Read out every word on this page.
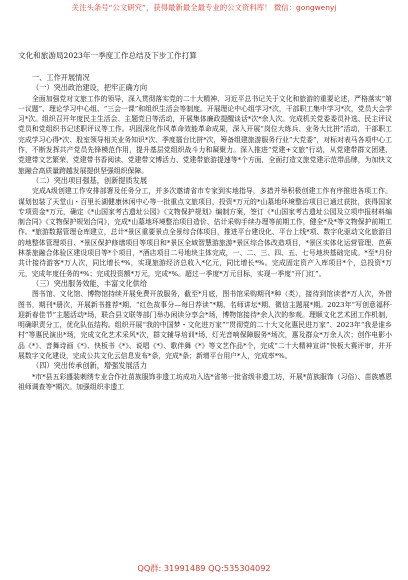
关注头条号“公文研究”，获得最新最全最专业的公文资料库！ 微信：gongwenyj

文化和旅游局2023年一季度工作总结及下步工作打算

一、工作开展情况

（一）突出政治建设，把牢正确方向

全面加强党对文旅工作的领导，深入贯彻落实党的二十大精神、习近平总书记关于文化和旅游的重要论述，严格落实“第一议题”、理论学习中心组、“三会一课”和组织生活会等制度。开展理论中心组学习*次，干部职工集中学习*次，党员大会学习*次。组织召开年度民主生活会、主题党日等活动，开展集体廉政提醒谈话*次*余人次。完成机关党委委员补选、民主评议党员和党组织书记述职评议等工作。巩固深化作风革命效能革命成果，深入开展“岗位大练兵、业务大比拼”活动，干部职工完成学习心得*次、股室领导相关业务知识*次、季度擂台比拼*次，筹备组建旅游服务行业“大党委”，对标对表马各项中心工作，不断发挥共产党员先锋模范作用，提升基层党组织战斗力和凝聚力。深入推进“党建+文旅”行动，从党建带群文团建、党建带文艺繁荣、党建带书香阅读、党建带文博活力、党建带旅游提速等*个方面，全面打造文旅党建示范带品牌，为加快文旅融合高质量跨越发展提供坚强组织保障。

（二）突出项目强基，创新提质发展

完成A级创建工作安排部署及任务分工，并多次邀请省市专家到实地指导，多措并举积极创建工作有序推进各项工作。谋划包装了天堂山・百里长湖健康休闲中心等一批重点文旅项目，投资*万元的*山墓地环境整治项目已通过获批，获得国家专项资金*万元，确定《*山国家考古遗址公园》《文物保护规划》编制方案，签订《*山国家考古遗址公园及立项申报材料编制合同》《文物保护规划合同》，完成*山墓地环境整治项目造价、估计采购手续办理等前期工作，健全*及*等文物保护前期工作。*旅游数据管理仓库建立，总计*景区重要景点全景综合体项目，推进平台建设化、平台上线*项、数字化驱动文化旅游目的地整体管理项目、*景区保护修缮项目等项目和*景区全域智慧游旅游*景区综合体改造项目，*景区实体化运营管理、芭蕉林茶旅融合体验区建设项目等*个项目，*酒店项目二号地块主体完成，一、二、三、四、五、七号地块基础完成。*至*月份共计接待游客*万人次，同比增长*%，实现旅游经济总收入*亿元，同比增长*%。完成固定资产入库项目*个，总投资*万元，完成年度任务的*%；完成投资额*万元，完成*%。超过一季度*万元目标，实现一季度“开门红”。

（三）突出服务效能，丰富文化供给

图书馆、文化馆、博物馆持续开展免费开放服务，截至*月底，图书馆采购期刊*种（类），接待到馆读者*万人次，外借图书，期刊*册次，开展新书推荐*期、“红色故事分—每日荐读”*期、名师讲坛*期、微信主题展*期。2023年“写创意福杯·迎新春佳节”主题活动*场，联合县文联等部门举办闲读分享会*场，博物馆接待*余人次的参观。理顺文化艺术团工作机制，明确职责分工，优化队伍结构。组织开展“我的中国梦・文化进万家”“贯彻党的二十大文化惠民进万家”、2023年“我是谁乡村”等惠民演出*场，完成文化艺术采风*次，群文辅导培训*场，灯光音响保障服务*场次，惠及群众*万余人次；创作电影小品《*》、音舞诗画《*》、快板书《*》、说唱《*》、歌伴舞《*》等文艺作品*个，完成“二十大精神宣讲”快板大赛评审，并开展数字文化建设，完成公共文化云信息发布*条，完成*条；新增平台用户*人，完成率*%。

（四）突出传承创新，增强发展活力

*市*县五彩盛装刺绣专业合作社苗族服饰非遗工坊成功入选*省第一批省级非遗工坊，开展*苗族服饰（习俗）、苗族感恩祖师调查等*期次。加强组织非遗工

QQ群: 31991489 QQ:535304092
